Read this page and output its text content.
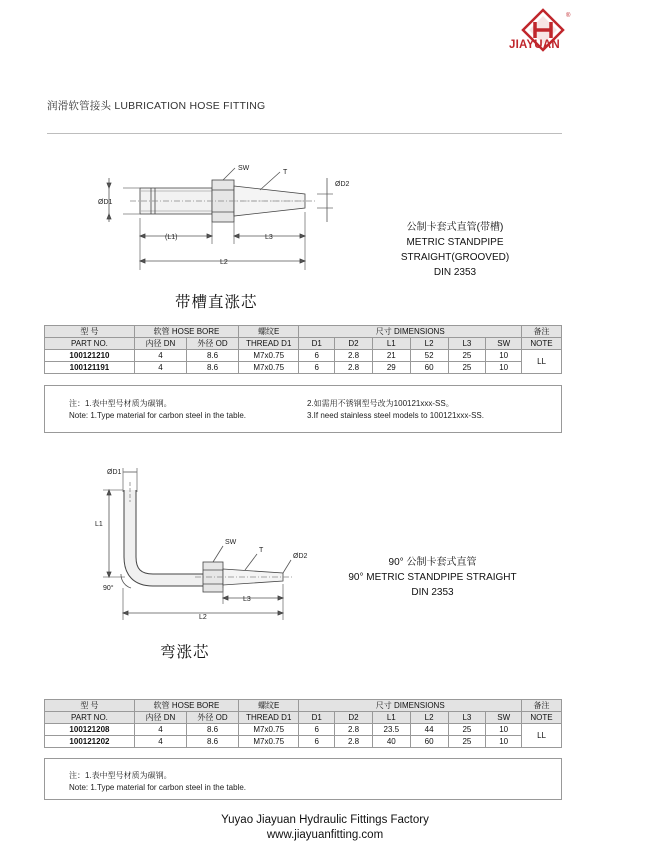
®
JIAYUAN
润滑软管接头 LUBRICATION HOSE FITTING
ØD1
SW
T
ØD2
(L1)	L3
L2
公制卡套式直管(带槽)
METRIC STANDPIPE
STRAIGHT(GROOVED)
DIN 2353
带槽直涨芯
型 号	软管 HOSE BORE		螺纹E	尺寸 DIMENSIONS						备注
PART NO.	内径 DN	外径 OD	THREAD D1	D1	D2	L1	L2	L3	SW	NOTE
100121210	4	8.6	M7x0.75	6	2.8	21	52	25	10	LL
100121191	4	8.6	M7x0.75	6	2.8	29	60	25	10	
注：1.表中型号材质为碳钢。
Note: 1.Type material for carbon steel in the table.
2.如需用不锈钢型号改为100121xxx-SS。
3.If need stainless steel models to 100121xxx-SS.
ØD1
L1
SW
T
ØD2
90°
L3
L2
90° 公制卡套式直管
90° METRIC STANDPIPE STRAIGHT
DIN 2353
弯涨芯
型 号	软管 HOSE BORE		螺纹E	尺寸 DIMENSIONS						备注
PART NO.	内径 DN	外径 OD	THREAD D1	D1	D2	L1	L2	L3	SW	NOTE
100121208	4	8.6	M7x0.75	6	2.8	23.5	44	25	10	LL
100121202	4	8.6	M7x0.75	6	2.8	40	60	25	10	
注：1.表中型号材质为碳钢。
Note: 1.Type material for carbon steel in the table.
Yuyao Jiayuan Hydraulic Fittings Factory
www.jiayuanfitting.com
